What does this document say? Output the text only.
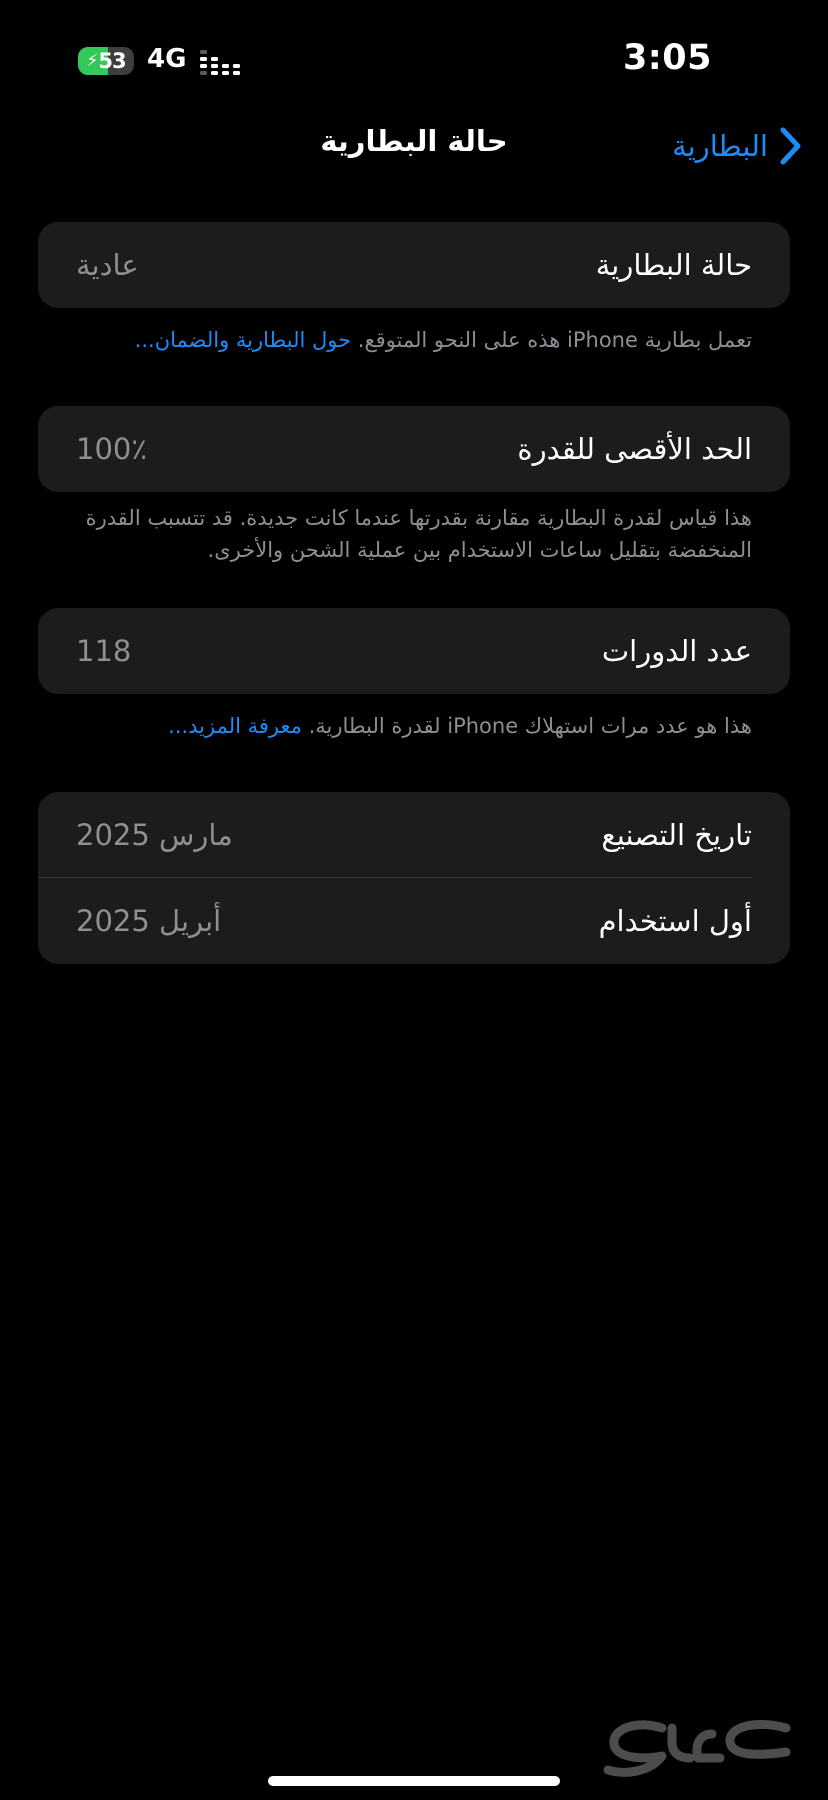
⚡ 53 4G	3:05
البطارية
حالة البطارية
حالة البطارية
عادية
تعمل بطارية iPhone هذه على النحو المتوقع. حول البطارية والضمان...
الحد الأقصى للقدرة
100٪
هذا قياس لقدرة البطارية مقارنة بقدرتها عندما كانت جديدة. قد تتسبب القدرة المنخفضة بتقليل ساعات الاستخدام بين عملية الشحن والأخرى.
عدد الدورات
118
هذا هو عدد مرات استهلاك iPhone لقدرة البطارية. معرفة المزيد...
تاريخ التصنيع
مارس 2025
أول استخدام
أبريل 2025
